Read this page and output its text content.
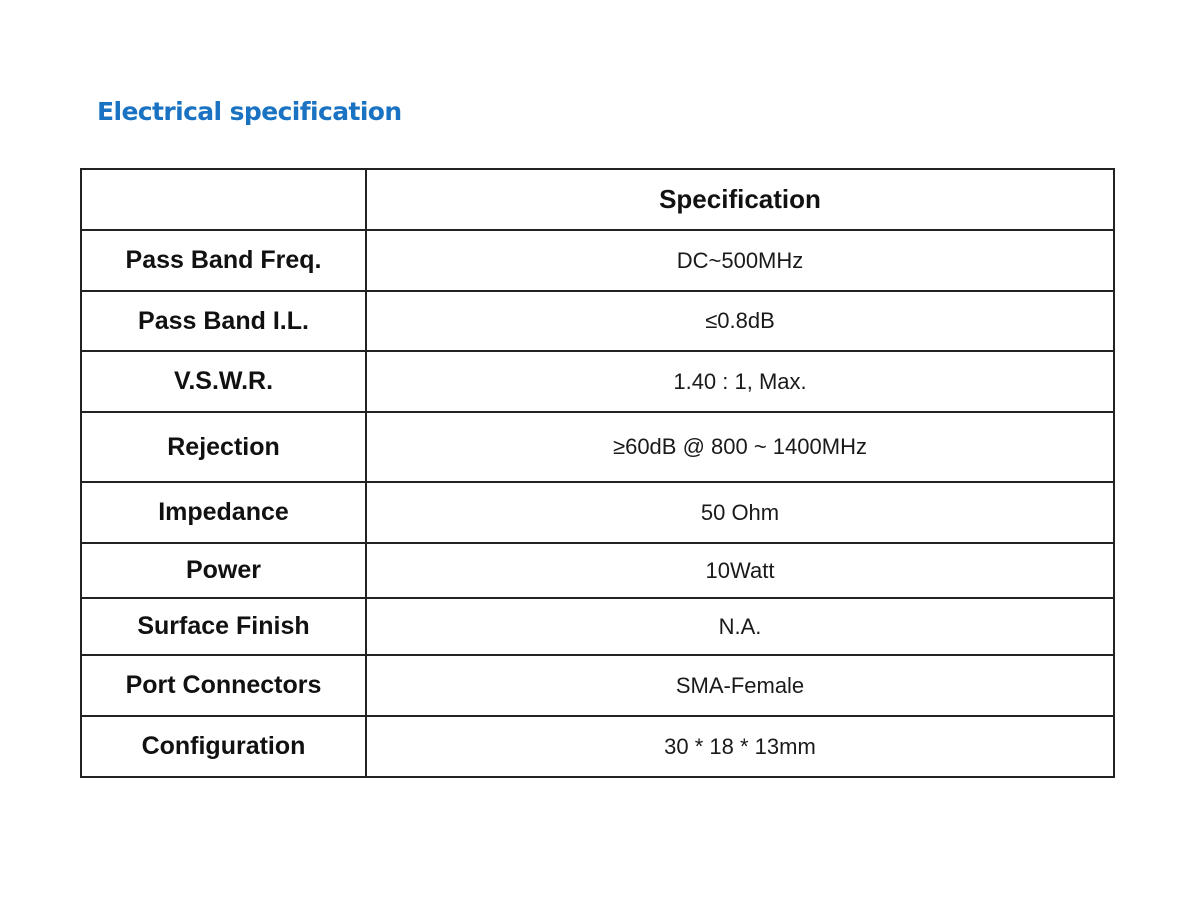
Electrical specification
	Specification
Pass Band Freq.	DC~500MHz
Pass Band I.L.	≤0.8dB
V.S.W.R.	1.40 : 1, Max.
Rejection	≥60dB @ 800 ~ 1400MHz
Impedance	50 Ohm
Power	10Watt
Surface Finish	N.A.
Port Connectors	SMA-Female
Configuration	30 * 18 * 13mm
